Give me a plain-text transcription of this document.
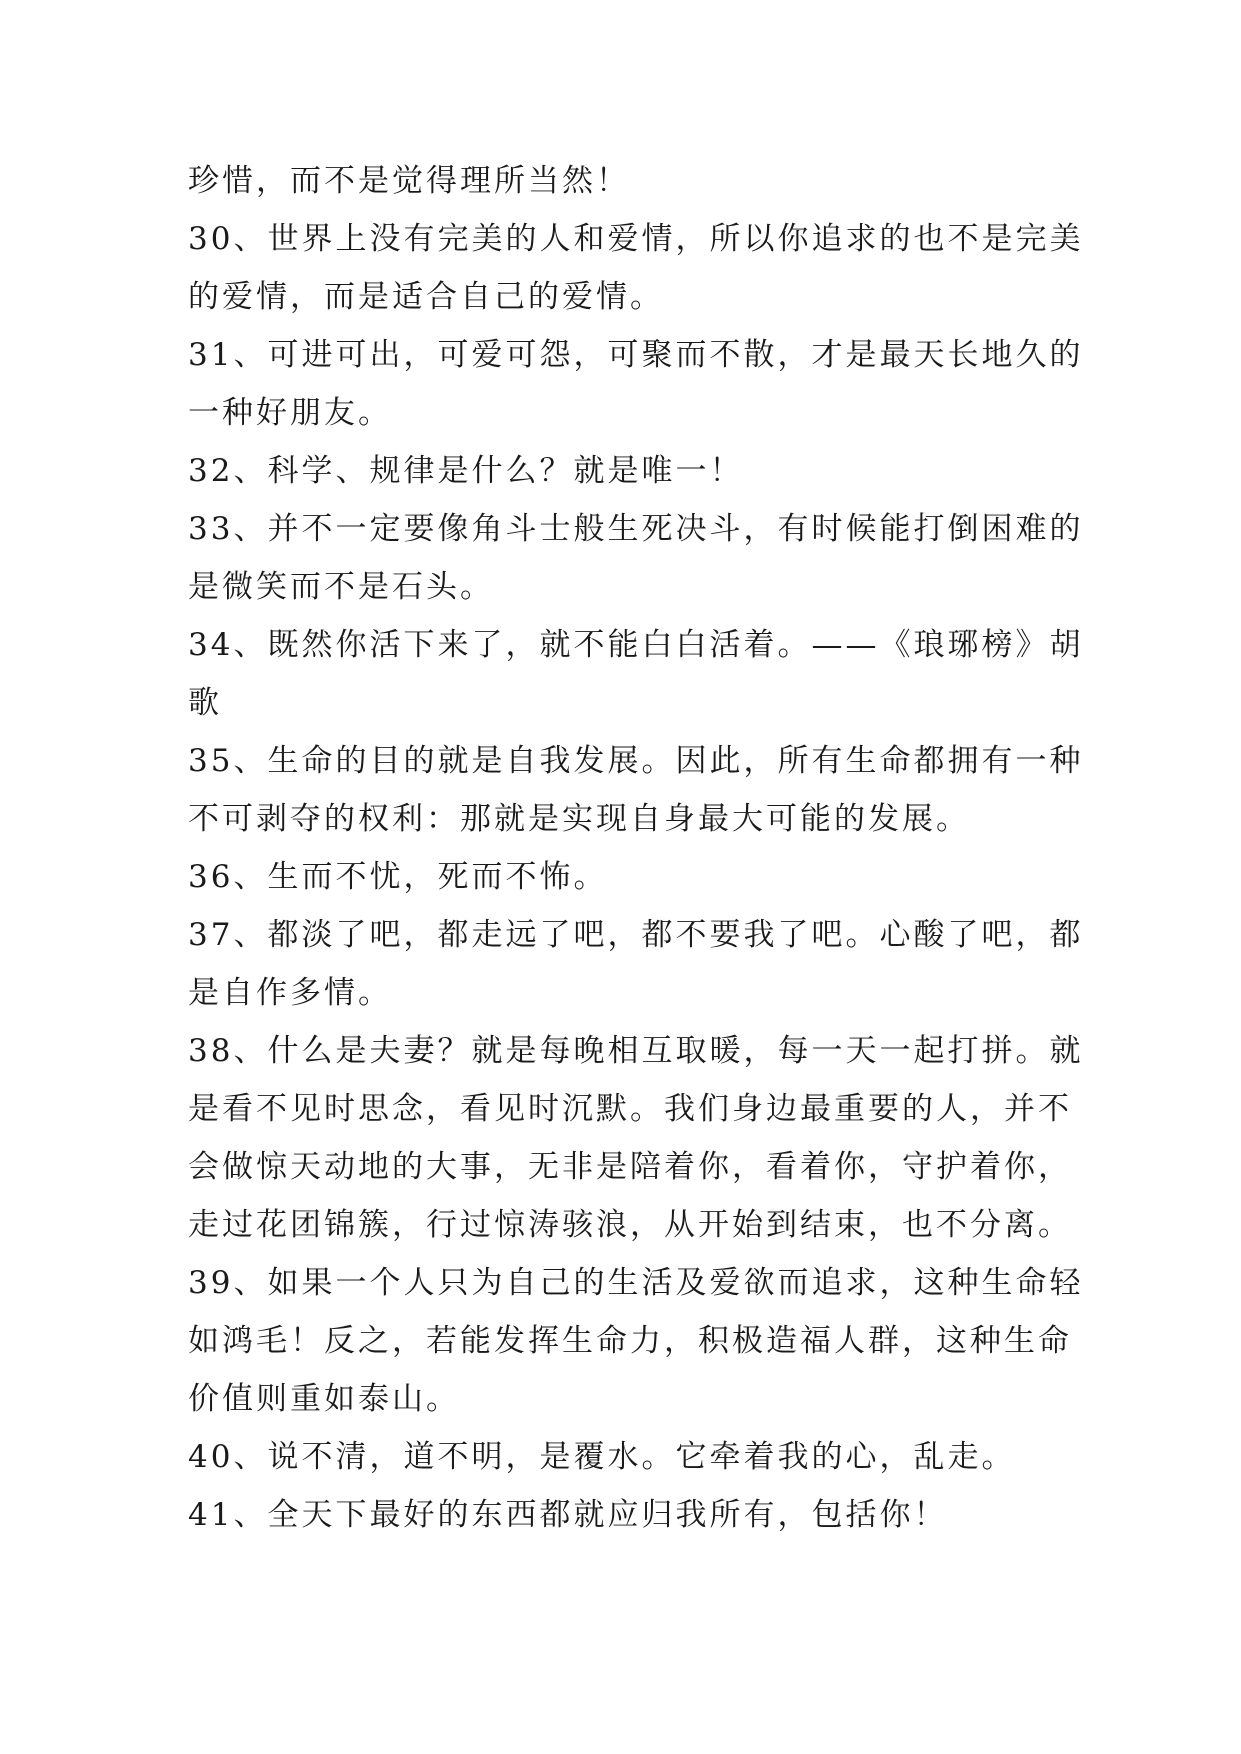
珍惜，而不是觉得理所当然！
30、世界上没有完美的人和爱情，所以你追求的也不是完美
的爱情，而是适合自己的爱情。
31、可进可出，可爱可怨，可聚而不散，才是最天长地久的
一种好朋友。
32、科学、规律是什么？就是唯一！
33、并不一定要像角斗士般生死决斗，有时候能打倒困难的
是微笑而不是石头。
34、既然你活下来了，就不能白白活着。——《琅琊榜》胡
歌
35、生命的目的就是自我发展。因此，所有生命都拥有一种
不可剥夺的权利：那就是实现自身最大可能的发展。
36、生而不忧，死而不怖。
37、都淡了吧，都走远了吧，都不要我了吧。心酸了吧，都
是自作多情。
38、什么是夫妻？就是每晚相互取暖，每一天一起打拼。就
是看不见时思念，看见时沉默。我们身边最重要的人，并不
会做惊天动地的大事，无非是陪着你，看着你，守护着你，
走过花团锦簇，行过惊涛骇浪，从开始到结束，也不分离。
39、如果一个人只为自己的生活及爱欲而追求，这种生命轻
如鸿毛！反之，若能发挥生命力，积极造福人群，这种生命
价值则重如泰山。
40、说不清，道不明，是覆水。它牵着我的心，乱走。
41、全天下最好的东西都就应归我所有，包括你！
